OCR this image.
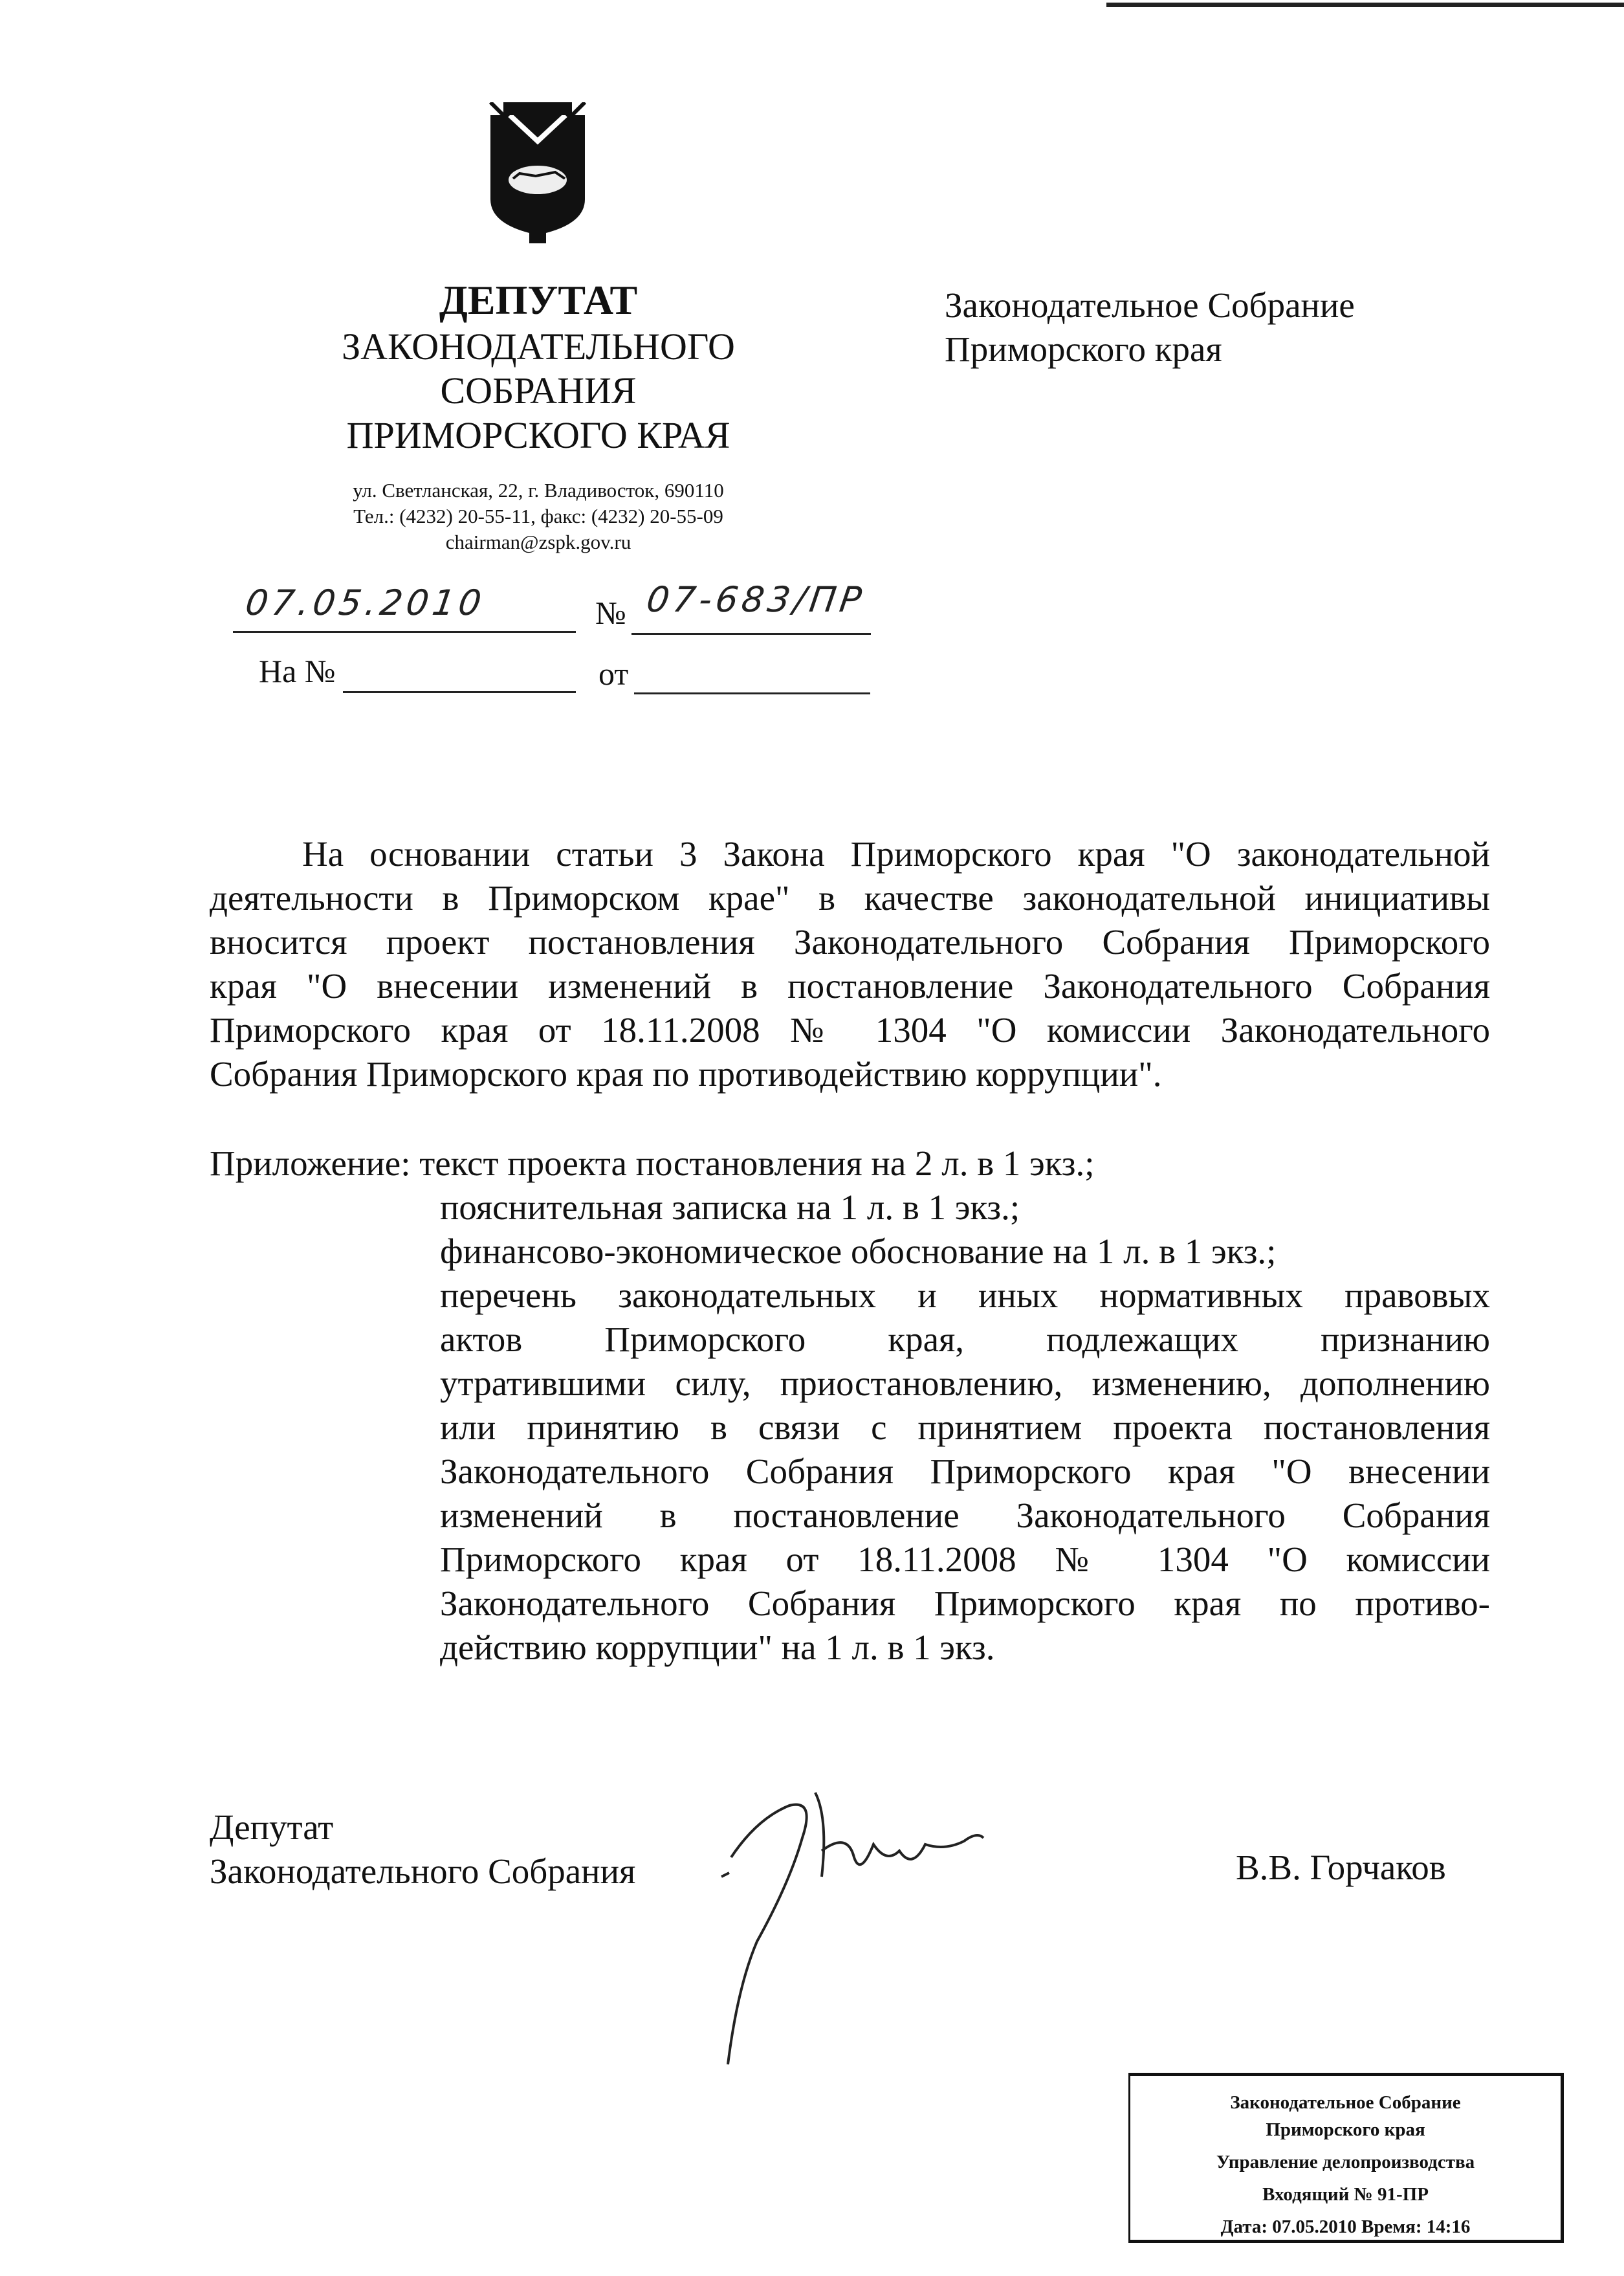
ДЕПУТАТ
ЗАКОНОДАТЕЛЬНОГО
СОБРАНИЯ
ПРИМОРСКОГО КРАЯ
ул. Светланская, 22, г. Владивосток, 690110
Тел.: (4232) 20-55-11, факс: (4232) 20-55-09
chairman@zspk.gov.ru
Законодательное Собрание
Приморского края
07.05.2010	№ 07-683/ПР
На №	от
На основании статьи 3 Закона Приморского края "О законодательной
деятельности в Приморском крае" в качестве законодательной инициативы
вносится проект постановления Законодательного Собрания Приморского
края "О внесении изменений в постановление Законодательного Собрания
Приморского края от 18.11.2008 № 1304 "О комиссии Законодательного
Собрания Приморского края по противодействию коррупции".
Приложение: текст проекта постановления на 2 л. в 1 экз.;
пояснительная записка на 1 л. в 1 экз.;
финансово-экономическое обоснование на 1 л. в 1 экз.;
перечень законодательных и иных нормативных правовых
актов Приморского края, подлежащих признанию
утратившими силу, приостановлению, изменению, дополнению
или принятию в связи с принятием проекта постановления
Законодательного Собрания Приморского края "О внесении
изменений в постановление Законодательного Собрания
Приморского края от 18.11.2008 № 1304 "О комиссии
Законодательного Собрания Приморского края по противо-
действию коррупции" на 1 л. в 1 экз.
Депутат
Законодательного Собрания	В.В. Горчаков
Законодательное Собрание
Приморского края
Управление делопроизводства
Входящий № 91-ПР
Дата: 07.05.2010 Время: 14:16
